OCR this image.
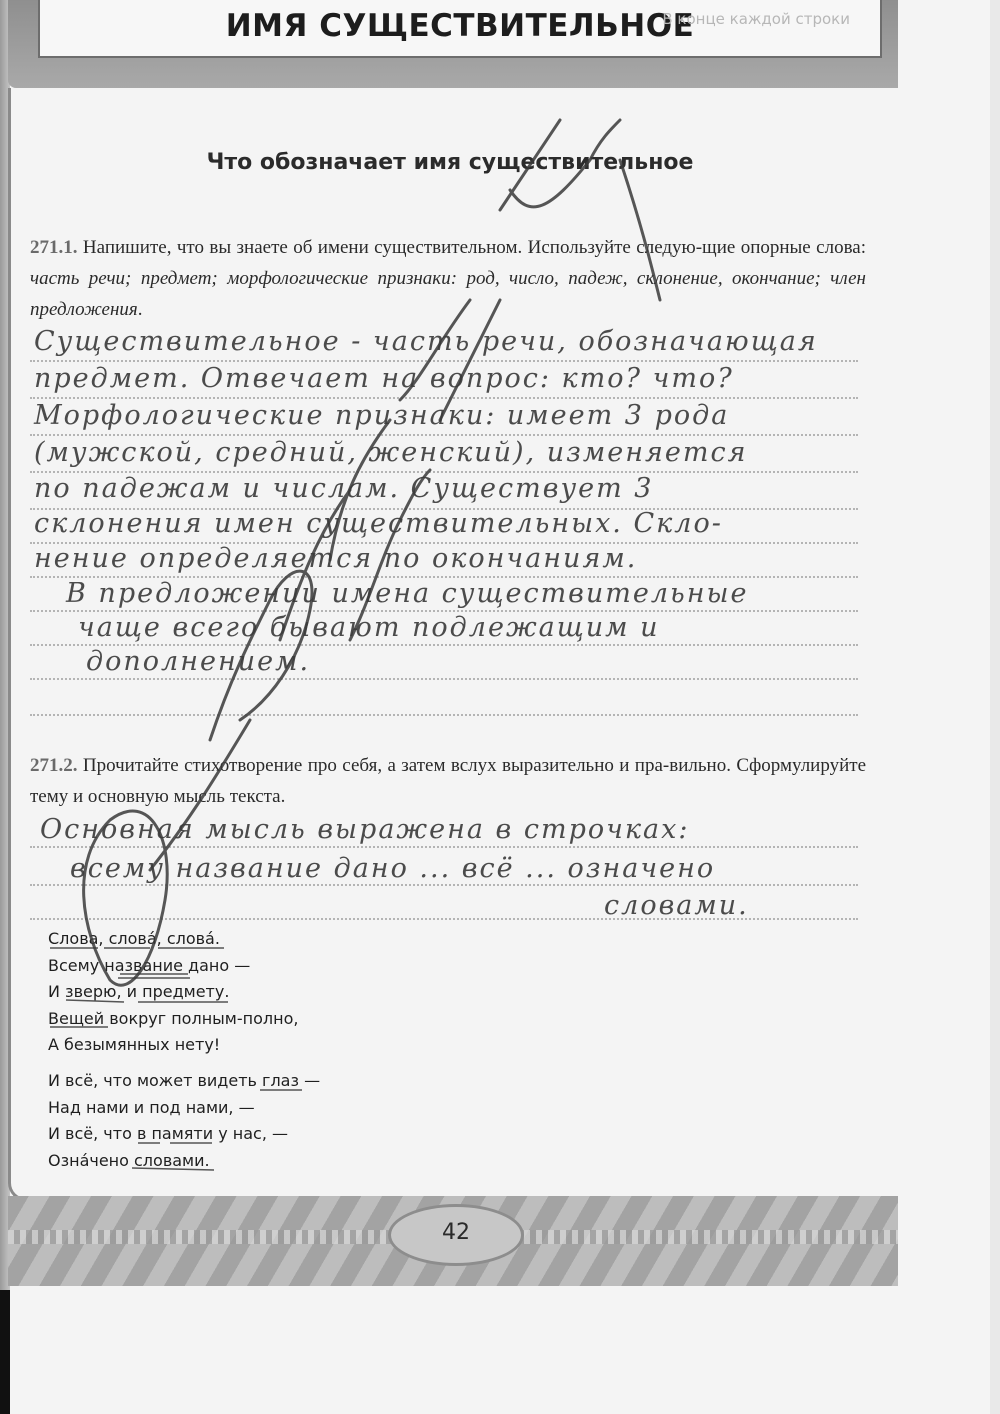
ИМЯ СУЩЕСТВИТЕЛЬНОЕ
В конце каждой строки
Что обозначает имя существительное
271.1. Напишите, что вы знаете об имени существительном. Используйте следую-щие опорные слова: часть речи; предмет; морфологические признаки: род, число, падеж, склонение, окончание; член предложения.
Существительное - часть речи, обозначающая
предмет. Отвечает на вопрос: кто? что?
Морфологические признаки: имеет 3 рода
(мужской, средний, женский), изменяется
по падежам и числам. Существует 3
склонения имен существительных. Скло-
нение определяется по окончаниям.
В предложении имена существительные
чаще всего бывают подлежащим и
дополнением.
271.2. Прочитайте стихотворение про себя, а затем вслух выразительно и пра-вильно. Сформулируйте тему и основную мысль текста.
Основная мысль выражена в строчках:
всему название дано ... всё ... означено
словами.
Слова, слова́, слова́.
Всему название дано —
И зверю, и предмету.
Вещей вокруг полным-полно,
А безымянных нету!
И всё, что может видеть глаз —
Над нами и под нами, —
И всё, что в памяти у нас, —
Озна́чено словами.
42
